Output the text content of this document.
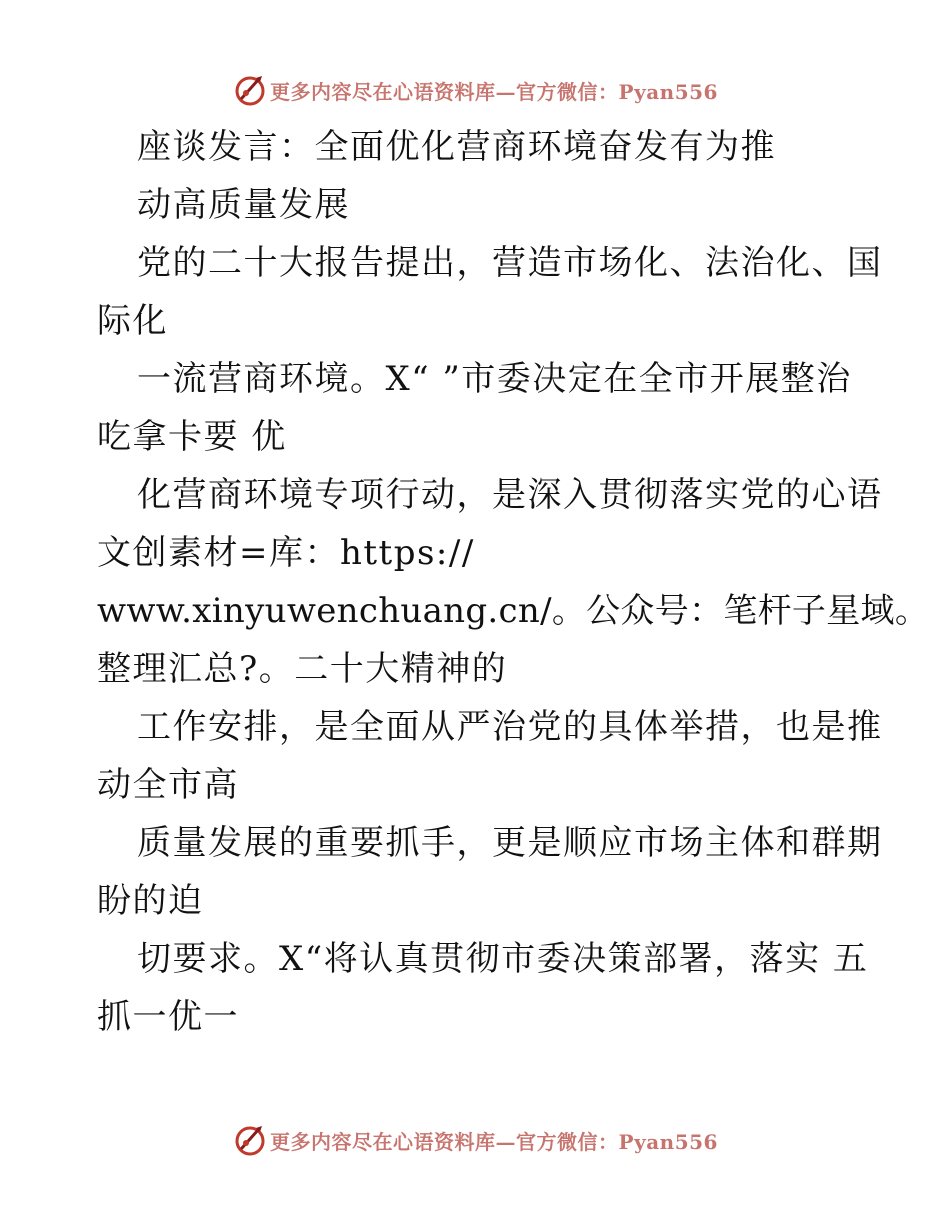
更多内容尽在心语资料库—官方微信：Pyan556
座谈发言：全面优化营商环境奋发有为推
动高质量发展
党的二十大报告提出，营造市场化、法治化、国
际化
一流营商环境。X“ ”市委决定在全市开展整治
吃拿卡要 优
化营商环境专项行动，是深入贯彻落实党的心语
文创素材=库：https://
www.xinyuwenchuang.cn/。公众号：笔杆子星域。
整理汇总?。二十大精神的
工作安排，是全面从严治党的具体举措，也是推
动全市高
质量发展的重要抓手，更是顺应市场主体和群期
盼的迫
切要求。X“将认真贯彻市委决策部署，落实 五
抓一优一
更多内容尽在心语资料库—官方微信：Pyan556
